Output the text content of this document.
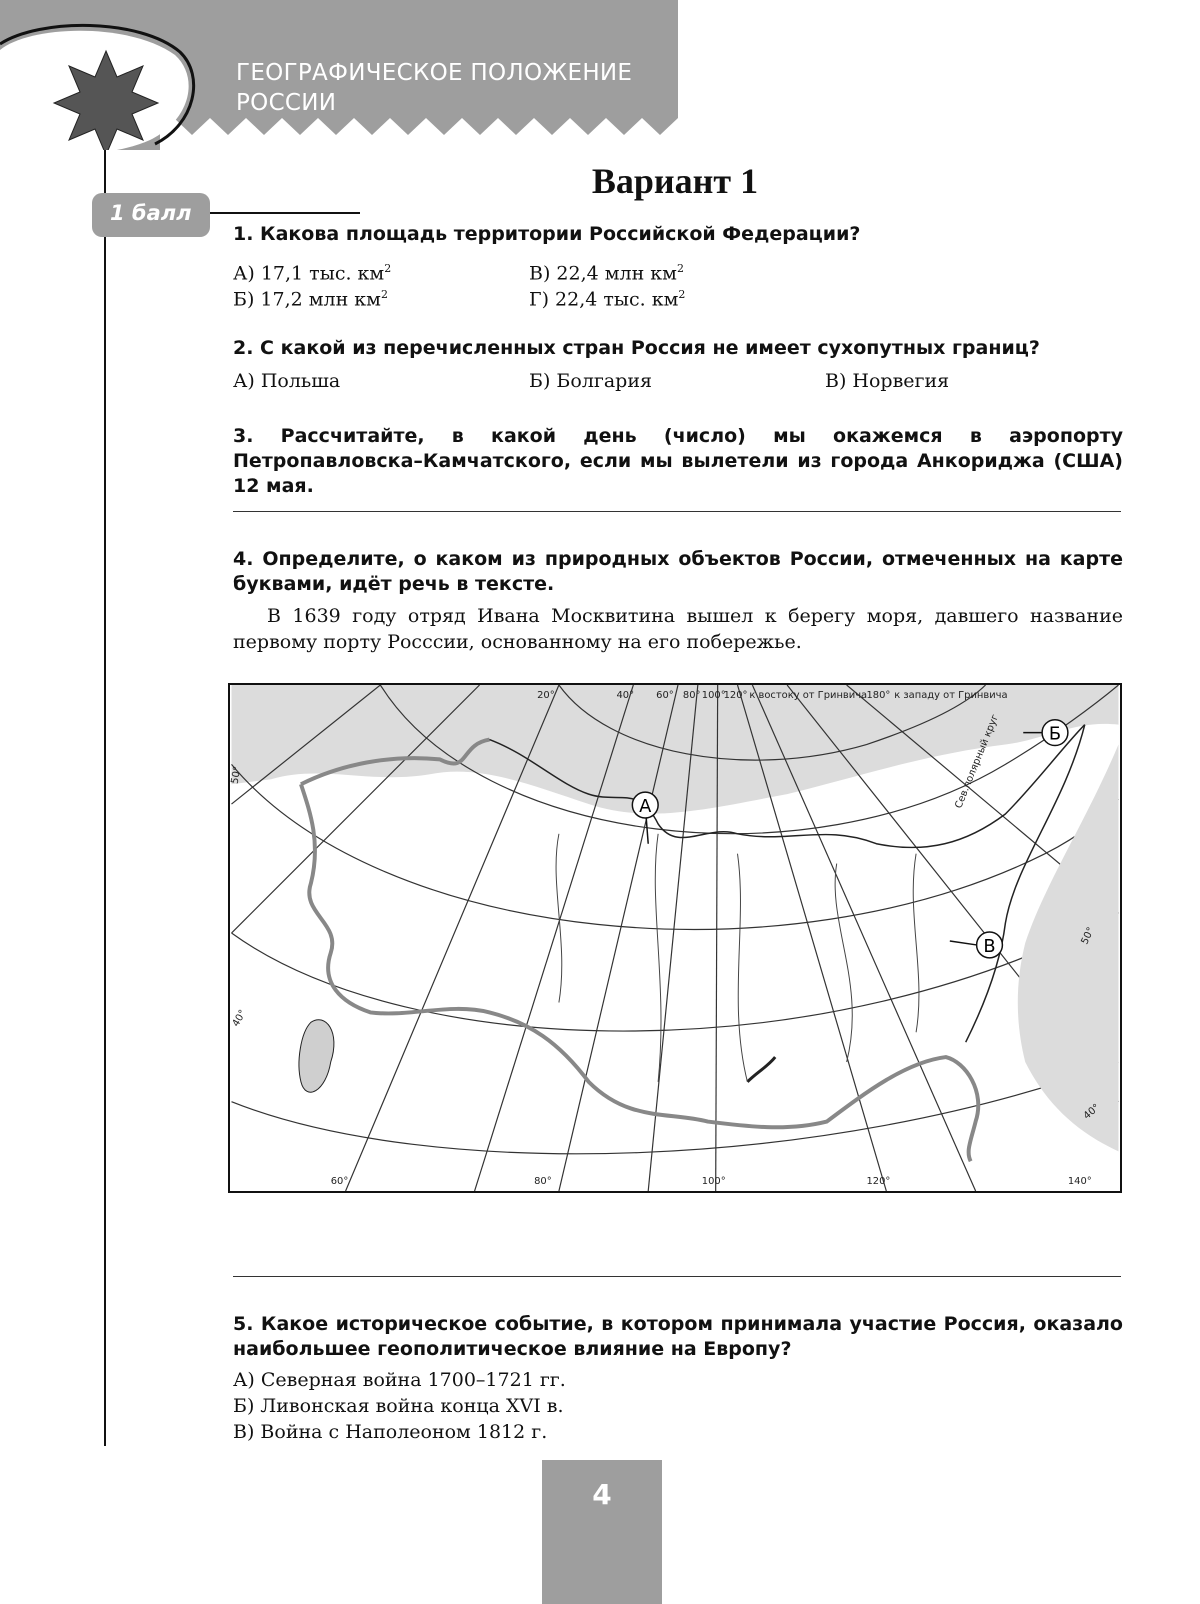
ГЕОГРАФИЧЕСКОЕ ПОЛОЖЕНИЕ РОССИИ
1 балл
Вариант 1
1. Какова площадь территории Российской Федерации?
А) 17,1 тыс. $км^2$	В) 22,4 млн $км^2$
Б) 17,2 млн $км^2$	Г) 22,4 тыс. $км^2$
2. С какой из перечисленных стран Россия не имеет сухопутных границ?
А) Польша	Б) Болгария	В) Норвегия
3. Рассчитайте, в какой день (число) мы окажемся в аэропорту Петропавловска–Камчатского, если мы вылетели из города Анкориджа (США) 12 мая.
4. Определите, о каком из природных объектов России, отмеченных на карте буквами, идёт речь в тексте.
В 1639 году отряд Ивана Москвитина вышел к берегу моря, давшего название первому порту Росссии, основанному на его побережье.
20°	40° 60° 80° 100°
120° к востоку от Гринвича 180° к западу от Гринвича
60°	80°	100°	120°	140°
50°
40°
50°
40°
Сев.полярный круг
А
Б
В
5. Какое историческое событие, в котором принимала участие Россия, оказало наибольшее геополитическое влияние на Европу?
А) Северная война 1700–1721 гг.
Б) Ливонская война конца XVI в.
В) Война с Наполеоном 1812 г.
4
